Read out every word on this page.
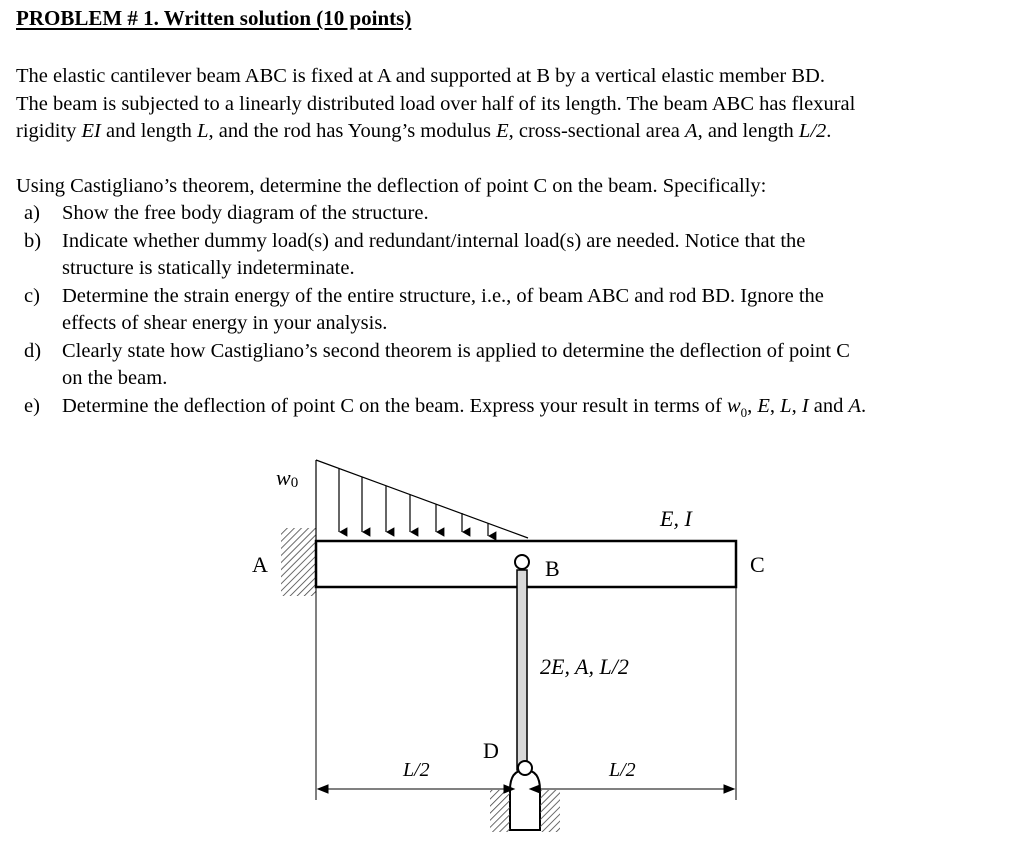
PROBLEM # 1. Written solution (10 points)
The elastic cantilever beam ABC is fixed at A and supported at B by a vertical elastic member BD.
The beam is subjected to a linearly distributed load over half of its length. The beam ABC has flexural
rigidity EI and length L, and the rod has Young’s modulus E, cross-sectional area A, and length L/2.
Using Castigliano’s theorem, determine the deflection of point C on the beam. Specifically:
a)	Show the free body diagram of the structure.
b)	Indicate whether dummy load(s) and redundant/internal load(s) are needed. Notice that the
structure is statically indeterminate.
c)	Determine the strain energy of the entire structure, i.e., of beam ABC and rod BD. Ignore the
effects of shear energy in your analysis.
d)	Clearly state how Castigliano’s second theorem is applied to determine the deflection of point C
on the beam.
e)	Determine the deflection of point C on the beam. Express your result in terms of $w_0$, E, L, I and A.
w0
A	B	C
D
E, I
2E, A, L/2
L/2	L/2
